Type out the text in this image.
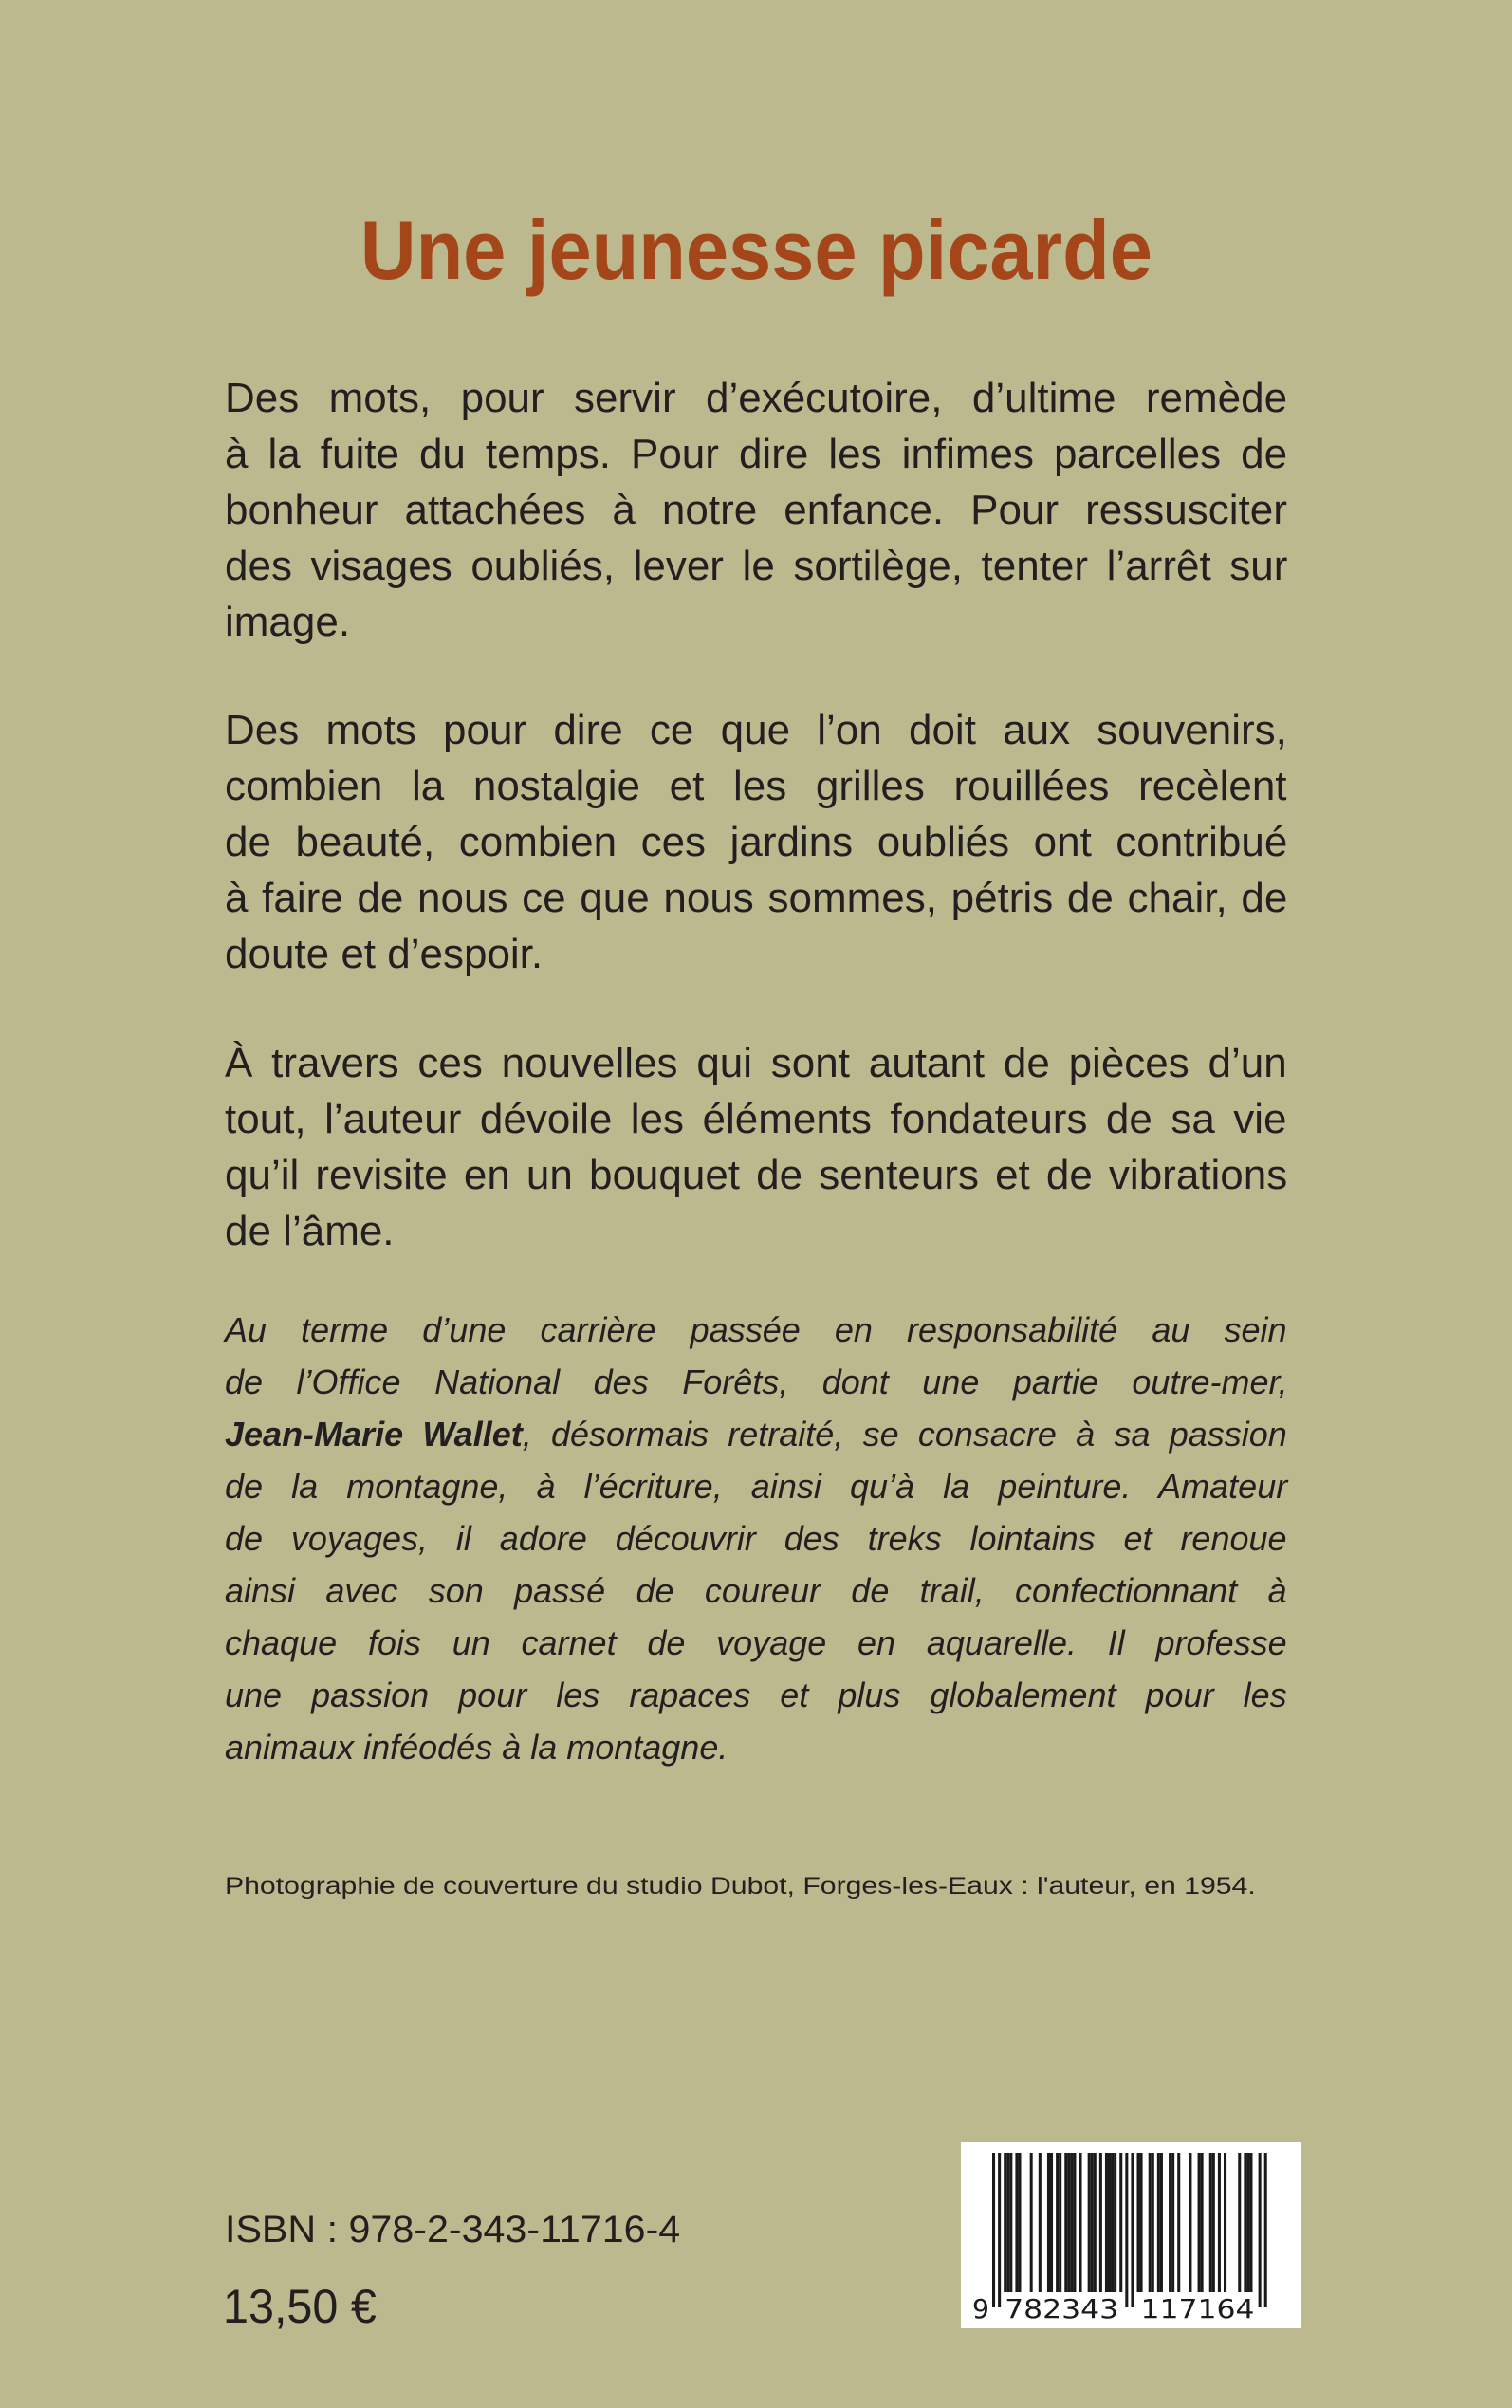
Une jeunesse picarde
Des mots, pour servir d’exécutoire, d’ultime remède
à la fuite du temps. Pour dire les infimes parcelles de
bonheur attachées à notre enfance. Pour ressusciter
des visages oubliés, lever le sortilège, tenter l’arrêt sur
image.
Des mots pour dire ce que l’on doit aux souvenirs,
combien la nostalgie et les grilles rouillées recèlent
de beauté, combien ces jardins oubliés ont contribué
à faire de nous ce que nous sommes, pétris de chair, de
doute et d’espoir.
À travers ces nouvelles qui sont autant de pièces d’un
tout, l’auteur dévoile les éléments fondateurs de sa vie
qu’il revisite en un bouquet de senteurs et de vibrations
de l’âme.
Au terme d’une carrière passée en responsabilité au sein
de l’Office National des Forêts, dont une partie outre-mer,
Jean-Marie Wallet, désormais retraité, se consacre à sa passion
de la montagne, à l’écriture, ainsi qu’à la peinture. Amateur
de voyages, il adore découvrir des treks lointains et renoue
ainsi avec son passé de coureur de trail, confectionnant à
chaque fois un carnet de voyage en aquarelle. Il professe
une passion pour les rapaces et plus globalement pour les
animaux inféodés à la montagne.
Photographie de couverture du studio Dubot, Forges-les-Eaux : l'auteur, en 1954.
ISBN : 978-2-343-11716-4
13,50 €	9 782343 117164
